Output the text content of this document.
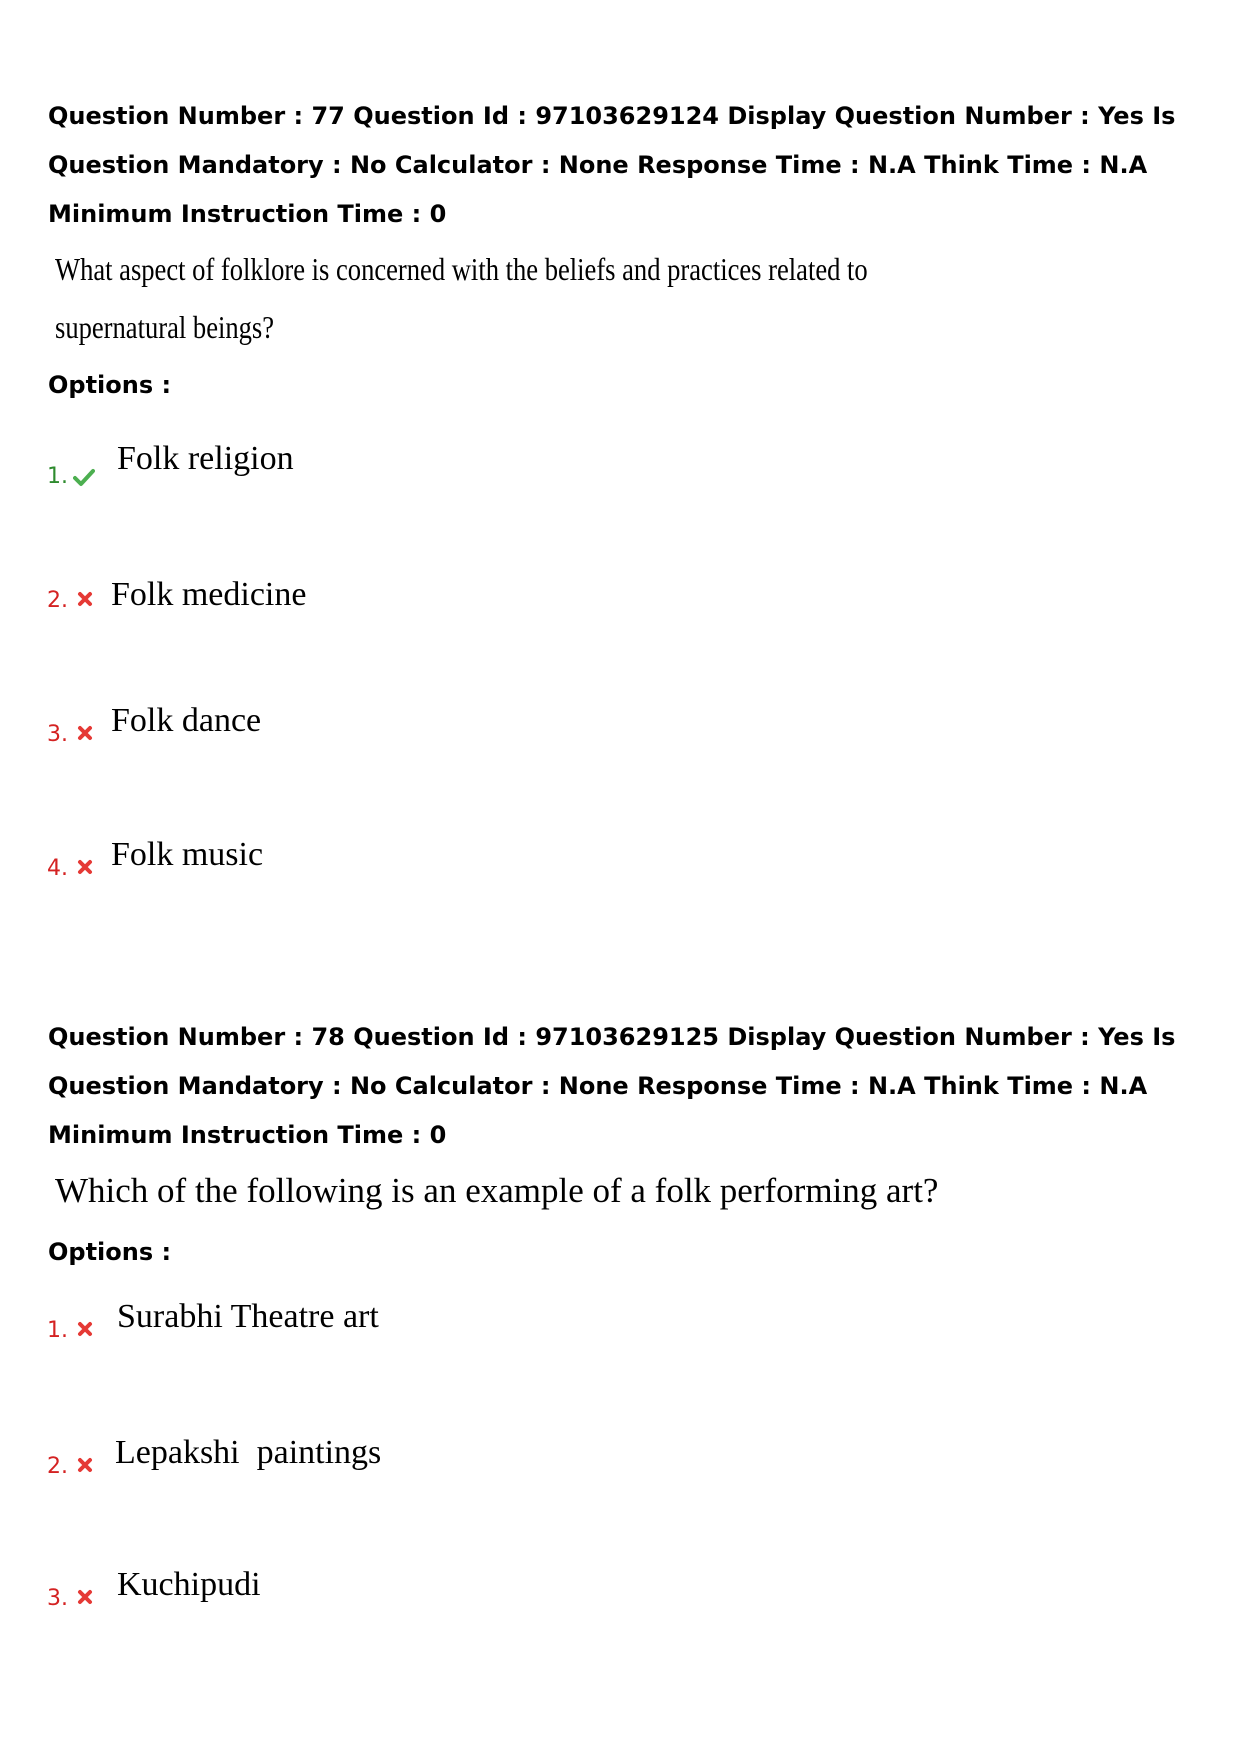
Question Number : 77 Question Id : 97103629124 Display Question Number : Yes Is Question Mandatory : No Calculator : None Response Time : N.A Think Time : N.A Minimum Instruction Time : 0

What aspect of folklore is concerned with the beliefs and practices related to supernatural beings?

Options :

1. Folk religion
2. Folk medicine
3. Folk dance
4. Folk music

Question Number : 78 Question Id : 97103629125 Display Question Number : Yes Is Question Mandatory : No Calculator : None Response Time : N.A Think Time : N.A Minimum Instruction Time : 0

Which of the following is an example of a folk performing art?

Options :

1. Surabhi Theatre art
2. Lepakshi  paintings
3. Kuchipudi
